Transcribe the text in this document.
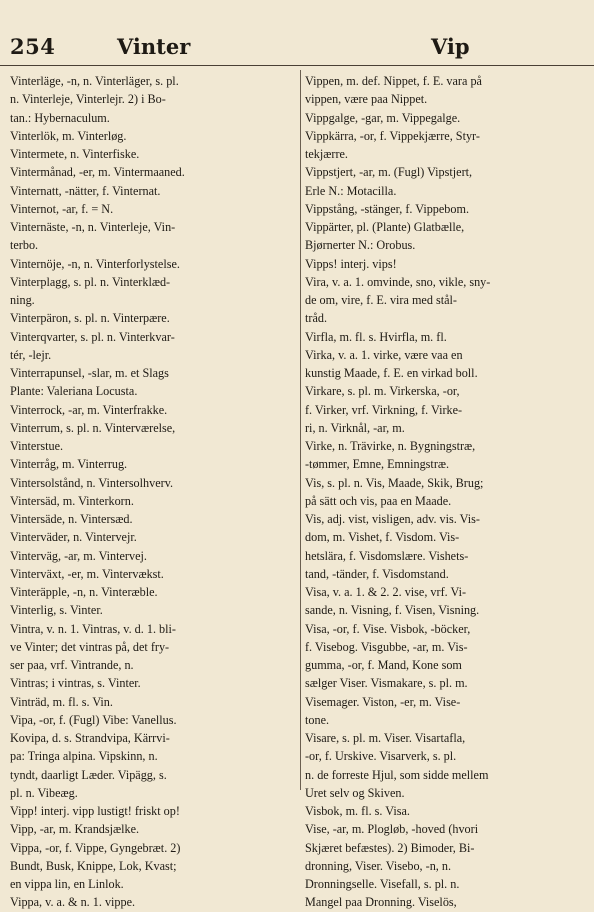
254	Vinter	Vip
Vinterläge, -n, n. Vinterläger, s. pl.
n. Vinterleje, Vinterlejr. 2) i Bo-
tan.: Hybernaculum.
Vinterlök, m. Vinterløg.
Vintermete, n. Vinterfiske.
Vintermånad, -er, m. Vintermaaned.
Vinternatt, -nätter, f. Vinternat.
Vinternot, -ar, f. = N.
Vinternäste, -n, n. Vinterleje, Vin-
terbo.
Vinternöje, -n, n. Vinterforlystelse.
Vinterplagg, s. pl. n. Vinterklæd-
ning.
Vinterpäron, s. pl. n. Vinterpære.
Vinterqvarter, s. pl. n. Vinterkvar-
tér, -lejr.
Vinterrapunsel, -slar, m. et Slags
Plante: Valeriana Locusta.
Vinterrock, -ar, m. Vinterfrakke.
Vinterrum, s. pl. n. Vinterværelse,
Vinterstue.
Vinterråg, m. Vinterrug.
Vintersolstånd, n. Vintersolhverv.
Vintersäd, m. Vinterkorn.
Vintersäde, n. Vintersæd.
Vinterväder, n. Vintervejr.
Vinterväg, -ar, m. Vintervej.
Vinterväxt, -er, m. Vintervækst.
Vinteräpple, -n, n. Vinteræble.
Vinterlig, s. Vinter.
Vintra, v. n. 1. Vintras, v. d. 1. bli-
ve Vinter; det vintras på, det fry-
ser paa, vrf. Vintrande, n.
Vintras; i vintras, s. Vinter.
Vinträd, m. fl. s. Vin.
Vipa, -or, f. (Fugl) Vibe: Vanellus.
Kovipa, d. s. Strandvipa, Kärrvi-
pa: Tringa alpina. Vipskinn, n.
tyndt, daarligt Læder. Vipägg, s.
pl. n. Vibeæg.
Vipp! interj. vipp lustigt! friskt op!
Vipp, -ar, m. Krandsjælke.
Vippa, -or, f. Vippe, Gyngebræt. 2)
Bundt, Busk, Knippe, Lok, Kvast;
en vippa lin, en Linlok.
Vippa, v. a. & n. 1. vippe.
Vippen, m. def. Nippet, f. E. vara på
vippen, være paa Nippet.
Vippgalge, -gar, m. Vippegalge.
Vippkärra, -or, f. Vippekjærre, Styr-
tekjærre.
Vippstjert, -ar, m. (Fugl) Vipstjert,
Erle N.: Motacilla.
Vippstång, -stänger, f. Vippebom.
Vippärter, pl. (Plante) Glatbælle,
Bjørnerter N.: Orobus.
Vipps! interj. vips!
Vira, v. a. 1. omvinde, sno, vikle, sny-
de om, vire, f. E. vira med stål-
tråd.
Virfla, m. fl. s. Hvirfla, m. fl.
Virka, v. a. 1. virke, være vaa en
kunstig Maade, f. E. en virkad boll.
Virkare, s. pl. m. Virkerska, -or,
f. Virker, vrf. Virkning, f. Virke-
ri, n. Virknål, -ar, m.
Virke, n. Trävirke, n. Bygningstræ,
-tømmer, Emne, Emningstræ.
Vis, s. pl. n. Vis, Maade, Skik, Brug;
på sätt och vis, paa en Maade.
Vis, adj. vist, visligen, adv. vis. Vis-
dom, m. Vishet, f. Visdom. Vis-
hetslära, f. Visdomslære. Vishets-
tand, -tänder, f. Visdomstand.
Visa, v. a. 1. & 2. 2. vise, vrf. Vi-
sande, n. Visning, f. Visen, Visning.
Visa, -or, f. Vise. Visbok, -böcker,
f. Visebog. Visgubbe, -ar, m. Vis-
gumma, -or, f. Mand, Kone som
sælger Viser. Vismakare, s. pl. m.
Visemager. Viston, -er, m. Vise-
tone.
Visare, s. pl. m. Viser. Visartafla,
-or, f. Urskive. Visarverk, s. pl.
n. de forreste Hjul, som sidde mellem
Uret selv og Skiven.
Visbok, m. fl. s. Visa.
Vise, -ar, m. Plogløb, -hoved (hvori
Skjæret befæstes). 2) Bimoder, Bi-
dronning, Viser. Visebo, -n, n.
Dronningselle. Visefall, s. pl. n.
Mangel paa Dronning. Viselös,
